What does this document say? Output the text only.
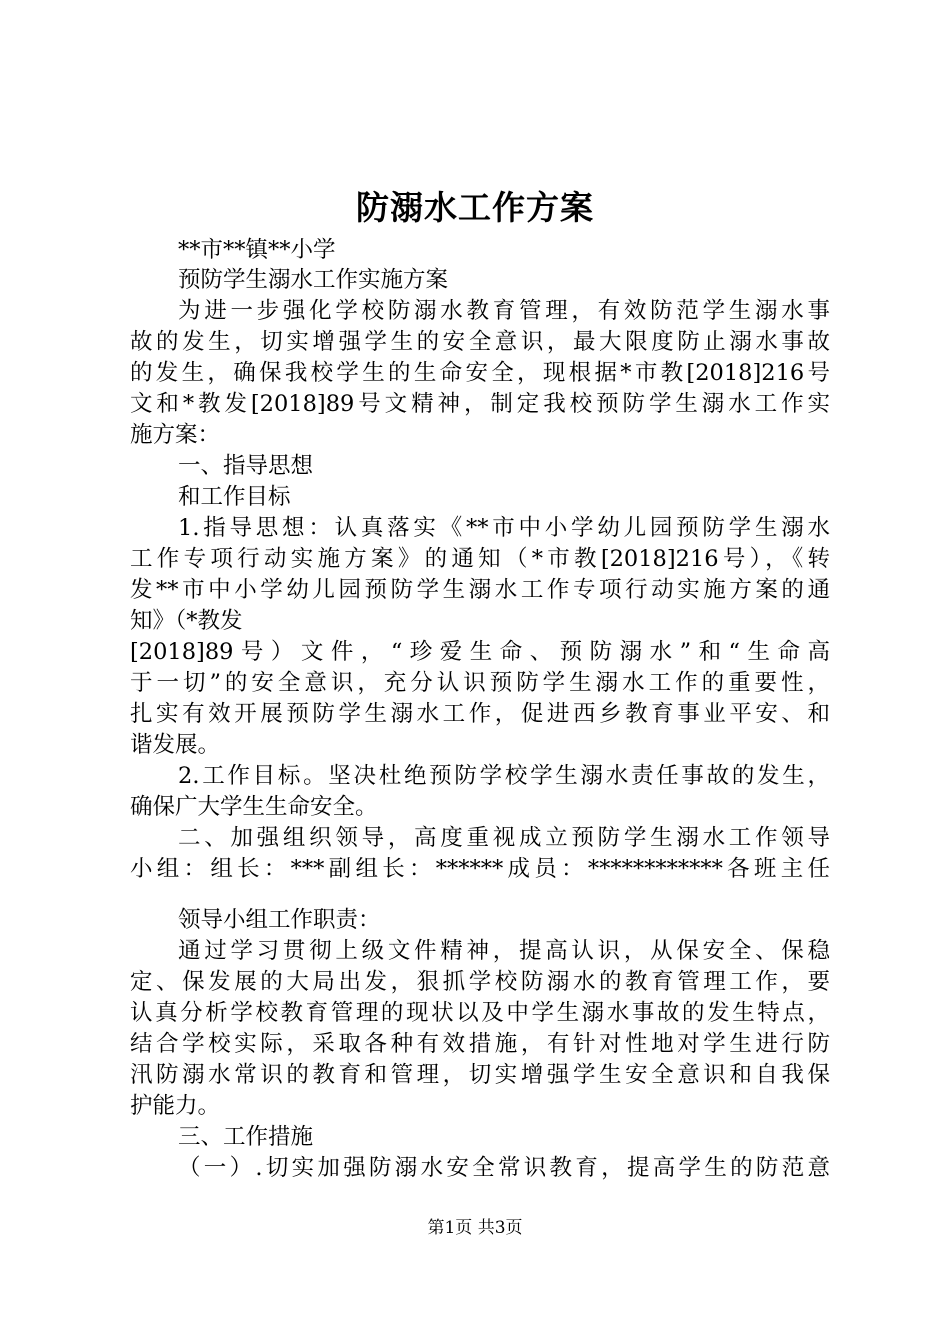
防溺水工作方案
**市**镇**小学
预防学生溺水工作实施方案
为进一步强化学校防溺水教育管理，有效防范学生溺水事
故的发生，切实增强学生的安全意识，最大限度防止溺水事故
的发生，确保我校学生的生命安全，现根据*市教[2018]216号
文和*教发[2018]89号文精神，制定我校预防学生溺水工作实
施方案：
一、指导思想
和工作目标
1.指导思想：认真落实《**市中小学幼儿园预防学生溺水
工作专项行动实施方案》的通知（*市教[2018]216号），《转
发**市中小学幼儿园预防学生溺水工作专项行动实施方案的通
知》（*教发
[2018]89号）文件，“珍爱生命、预防溺水”和“生命高
于一切”的安全意识，充分认识预防学生溺水工作的重要性，
扎实有效开展预防学生溺水工作，促进西乡教育事业平安、和
谐发展。
2.工作目标。坚决杜绝预防学校学生溺水责任事故的发生，
确保广大学生生命安全。
二、加强组织领导，高度重视成立预防学生溺水工作领导
小组：组长：***副组长：******成员：************各班主任
领导小组工作职责：
通过学习贯彻上级文件精神，提高认识，从保安全、保稳
定、保发展的大局出发，狠抓学校防溺水的教育管理工作，要
认真分析学校教育管理的现状以及中学生溺水事故的发生特点，
结合学校实际，采取各种有效措施，有针对性地对学生进行防
汛防溺水常识的教育和管理，切实增强学生安全意识和自我保
护能力。
三、工作措施
（一）.切实加强防溺水安全常识教育，提高学生的防范意
第1页 共3页
